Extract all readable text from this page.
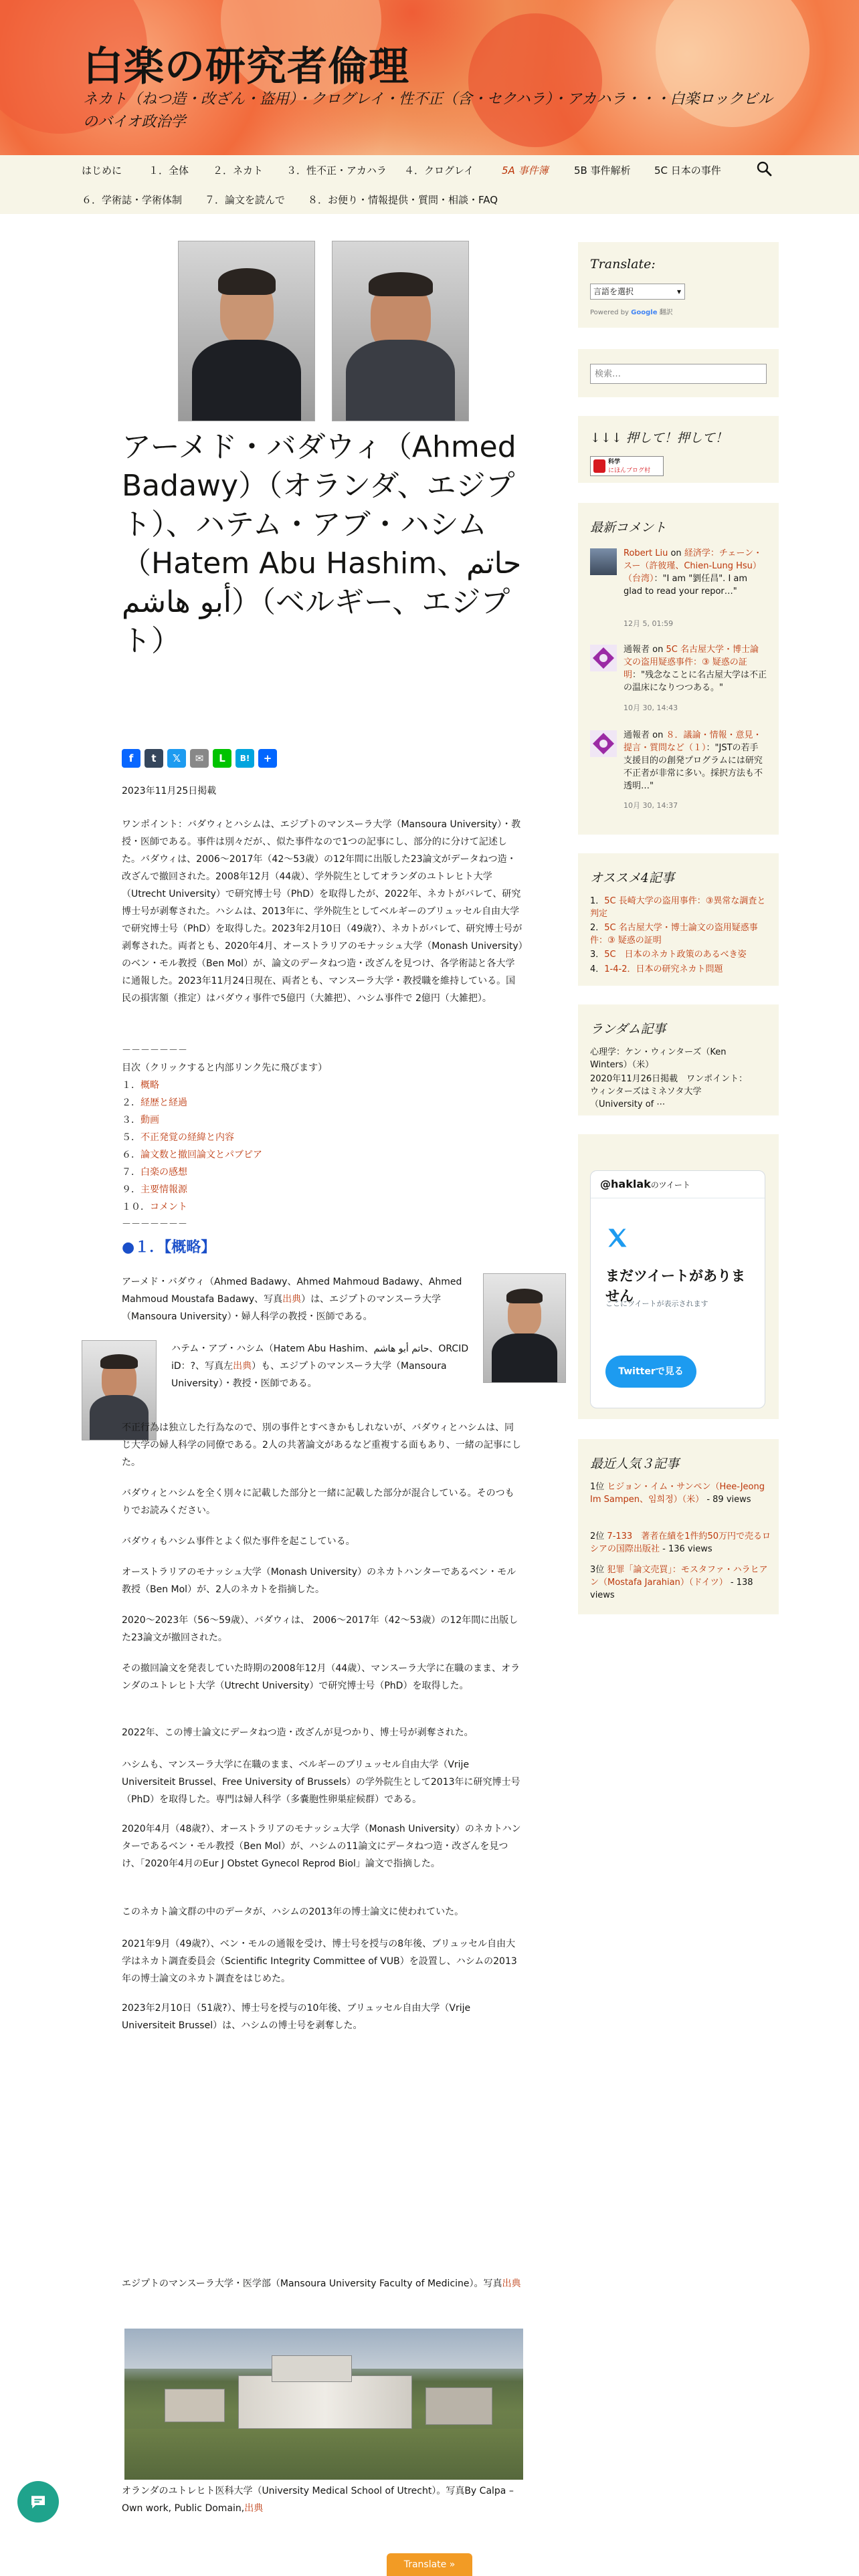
白楽の研究者倫理
ネカト（ねつ造・改ざん・盗用）・クログレイ・性不正（含・セクハラ）・アカハラ・・・白楽ロックビルのバイオ政治学
はじめに	１．全体 ２．ネカト ３．性不正・アカハラ ４．クログレイ	5A 事件簿	5B 事件解析 5C 日本の事件
６．学術誌・学術体制 ７．論文を読んで ８．お便り・情報提供・質問・相談・FAQ
アーメド・バダウィ（Ahmed Badawy）（オランダ、エジプト）、ハテム・アブ・ハシム（Hatem Abu Hashim、حاتم أبو هاشم）（ベルギー、エジプト）
f	t	𝕏	✉	L	B!	+
2023年11月25日掲載
ワンポイント：バダウィとハシムは、エジプトのマンスーラ大学（Mansoura University）・教授・医師である。事件は別々だが、、似た事件なので1つの記事にし、部分的に分けて記述した。バダウィは、2006～2017年（42～53歳）の12年間に出版した23論文がデータねつ造・改ざんで撤回された。2008年12月（44歳）、学外院生としてオランダのユトレヒト大学（Utrecht University）で研究博士号（PhD）を取得したが、2022年、ネカトがバレて、研究博士号が剥奪された。ハシムは、2013年に、学外院生としてベルギーのブリュッセル自由大学で研究博士号（PhD）を取得した。2023年2月10日（49歳?）、ネカトがバレて、研究博士号が剥奪された。両者とも、2020年4月、オーストラリアのモナッシュ大学（Monash University）のベン・モル教授（Ben Mol）が、論文のデータねつ造・改ざんを見つけ、各学術誌と各大学に通報した。2023年11月24日現在、両者とも、マンスーラ大学・教授職を維持している。国民の損害額（推定）はバダウィ事件で5億円（大雑把）、ハシム事件で 2億円（大雑把）。
－－－－－－－
目次（クリックすると内部リンク先に飛びます）
１．概略
２．経歴と経過
３．動画
５．不正発覚の経緯と内容
６．論文数と撤回論文とパブピア
７．白楽の感想
９．主要情報源
１０．コメント
－－－－－－－
●１．【概略】
アーメド・バダウィ（Ahmed Badawy、Ahmed Mahmoud Badawy、Ahmed Mahmoud Moustafa Badawy、写真出典）は、エジプトのマンスーラ大学（Mansoura University）・婦人科学の教授・医師である。
ハテム・アブ・ハシム（Hatem Abu Hashim、حاتم أبو هاشم、ORCID iD：?、写真左出典）も、エジプトのマンスーラ大学（Mansoura University）・教授・医師である。
不正行為は独立した行為なので、別の事件とすべきかもしれないが、バダウィとハシムは、同じ大学の婦人科学の同僚である。2人の共著論文があるなど重複する面もあり、一緒の記事にした。
バダウィとハシムを全く別々に記載した部分と一緒に記載した部分が混合している。そのつもりでお読みください。
バダウィもハシム事件とよく似た事件を起こしている。
オーストラリアのモナッシュ大学（Monash University）のネカトハンターであるベン・モル教授（Ben Mol）が、2人のネカトを指摘した。
2020～2023年（56～59歳）、バダウィは、 2006～2017年（42～53歳）の12年間に出版した23論文が撤回された。
その撤回論文を発表していた時期の2008年12月（44歳）、マンスーラ大学に在職のまま、オランダのユトレヒト大学（Utrecht University）で研究博士号（PhD）を取得した。
2022年、この博士論文にデータねつ造・改ざんが見つかり、博士号が剥奪された。
ハシムも、マンスーラ大学に在職のまま、ベルギーのブリュッセル自由大学（Vrije Universiteit Brussel、Free University of Brussels）の学外院生として2013年に研究博士号（PhD）を取得した。専門は婦人科学（多嚢胞性卵巣症候群）である。
2020年4月（48歳?）、オーストラリアのモナッシュ大学（Monash University）のネカトハンターであるベン・モル教授（Ben Mol）が、ハシムの11論文にデータねつ造・改ざんを見つけ、「2020年4月のEur J Obstet Gynecol Reprod Biol」論文で指摘した。
このネカト論文群の中のデータが、ハシムの2013年の博士論文に使われていた。
2021年9月（49歳?）、ベン・モルの通報を受け、博士号を授与の8年後、ブリュッセル自由大学はネカト調査委員会（Scientific Integrity Committee of VUB）を設置し、ハシムの2013年の博士論文のネカト調査をはじめた。
2023年2月10日（51歳?）、博士号を授与の10年後、ブリュッセル自由大学（Vrije Universiteit Brussel）は、ハシムの博士号を剥奪した。
エジプトのマンスーラ大学・医学部（Mansoura University Faculty of Medicine）。写真出典
オランダのユトレヒト医科大学（University Medical School of Utrecht）。写真By Calpa – Own work, Public Domain,出典
Translate:
言語を選択	▾
Powered by Google 翻訳
検索…
↓↓↓ 押して！押して！
科学
にほんブログ村
最新コメント
Robert Liu on 経済学：チェーン・スー（許彼瑾、Chien-Lung Hsu）（台湾）："I am "劉任昌". I am glad to read your repor…"
12月 5, 01:59
通報者 on 5C 名古屋大学・博士論文の盗用疑惑事件：③ 疑惑の証明："残念なことに名古屋大学は不正の温床になりつつある。"
10月 30, 14:43
通報者 on ８．議論・情報・意見・提言・質問など（１）："JSTの若手支援目的の創発プログラムには研究不正者が非常に多い。採択方法も不透明…"
10月 30, 14:37
オススメ4記事
1．5C 長崎大学の盗用事件：③異常な調査と判定
2．5C 名古屋大学・博士論文の盗用疑惑事件：③ 疑惑の証明
3．5C　日本のネカト政策のあるべき姿
4．1‐4‐2．日本の研究ネカト問題
ランダム記事
心理学：ケン・ウィンターズ（Ken Winters）（米）
2020年11月26日掲載　ワンポイント：ウィンターズはミネソタ大学（University of ⋯
@haklakのツイート
まだツイートがありません
ここにツイートが表示されます
Twitterで見る
最近人気３記事
1位 ヒジョン・イム・サンペン（Hee-Jeong Im Sampen、임희정）（米） - 89 views
2位 7-133　著者在績を1件約50万円で売るロシアの国際出版社 - 136 views
3位 犯罪「論文売買」：モスタファ・ハラヒアン（Mostafa Jarahian）（ドイツ） - 138 views
Translate »
